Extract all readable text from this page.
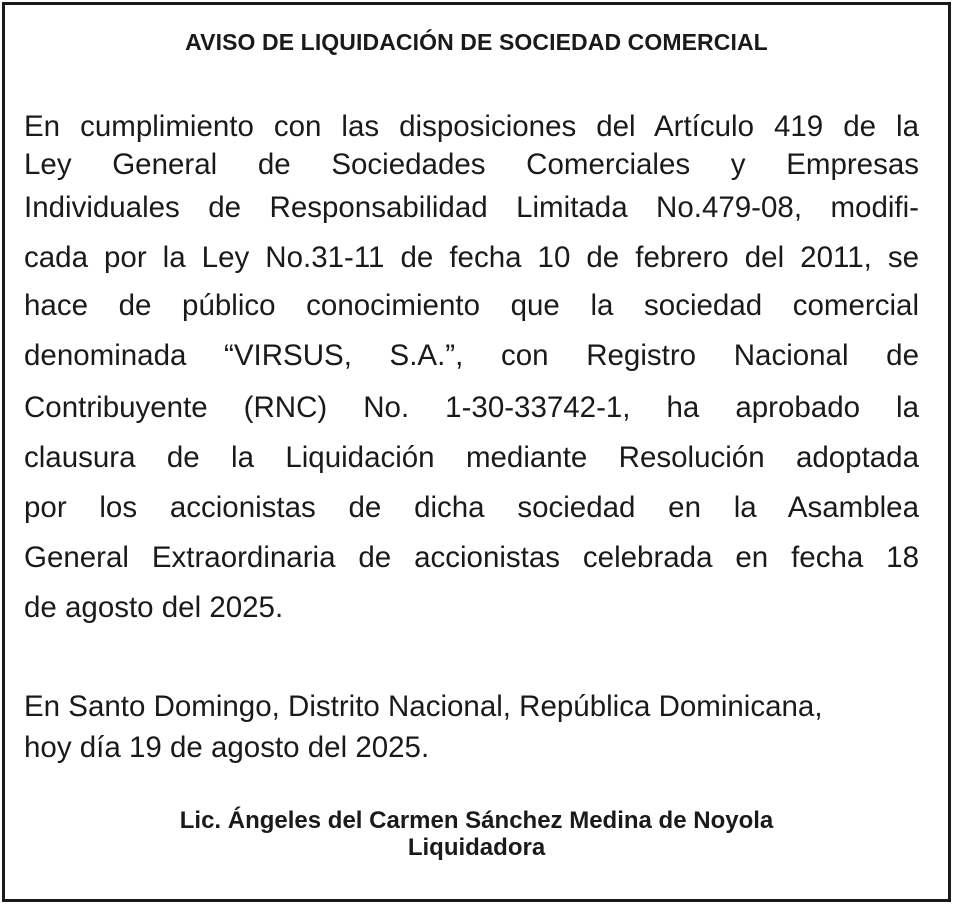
AVISO DE LIQUIDACIÓN DE SOCIEDAD COMERCIAL
En cumplimiento con las disposiciones del Artículo 419 de la
Ley General de Sociedades Comerciales y Empresas
Individuales de Responsabilidad Limitada No.479-08, modifi-
cada por la Ley No.31-11 de fecha 10 de febrero del 2011, se
hace de público conocimiento que la sociedad comercial
denominada “VIRSUS, S.A.”, con Registro Nacional de
Contribuyente (RNC) No. 1-30-33742-1, ha aprobado la
clausura de la Liquidación mediante Resolución adoptada
por los accionistas de dicha sociedad en la Asamblea
General Extraordinaria de accionistas celebrada en fecha 18
de agosto del 2025.
En Santo Domingo, Distrito Nacional, República Dominicana,
hoy día 19 de agosto del 2025.
Lic. Ángeles del Carmen Sánchez Medina de Noyola
Liquidadora
